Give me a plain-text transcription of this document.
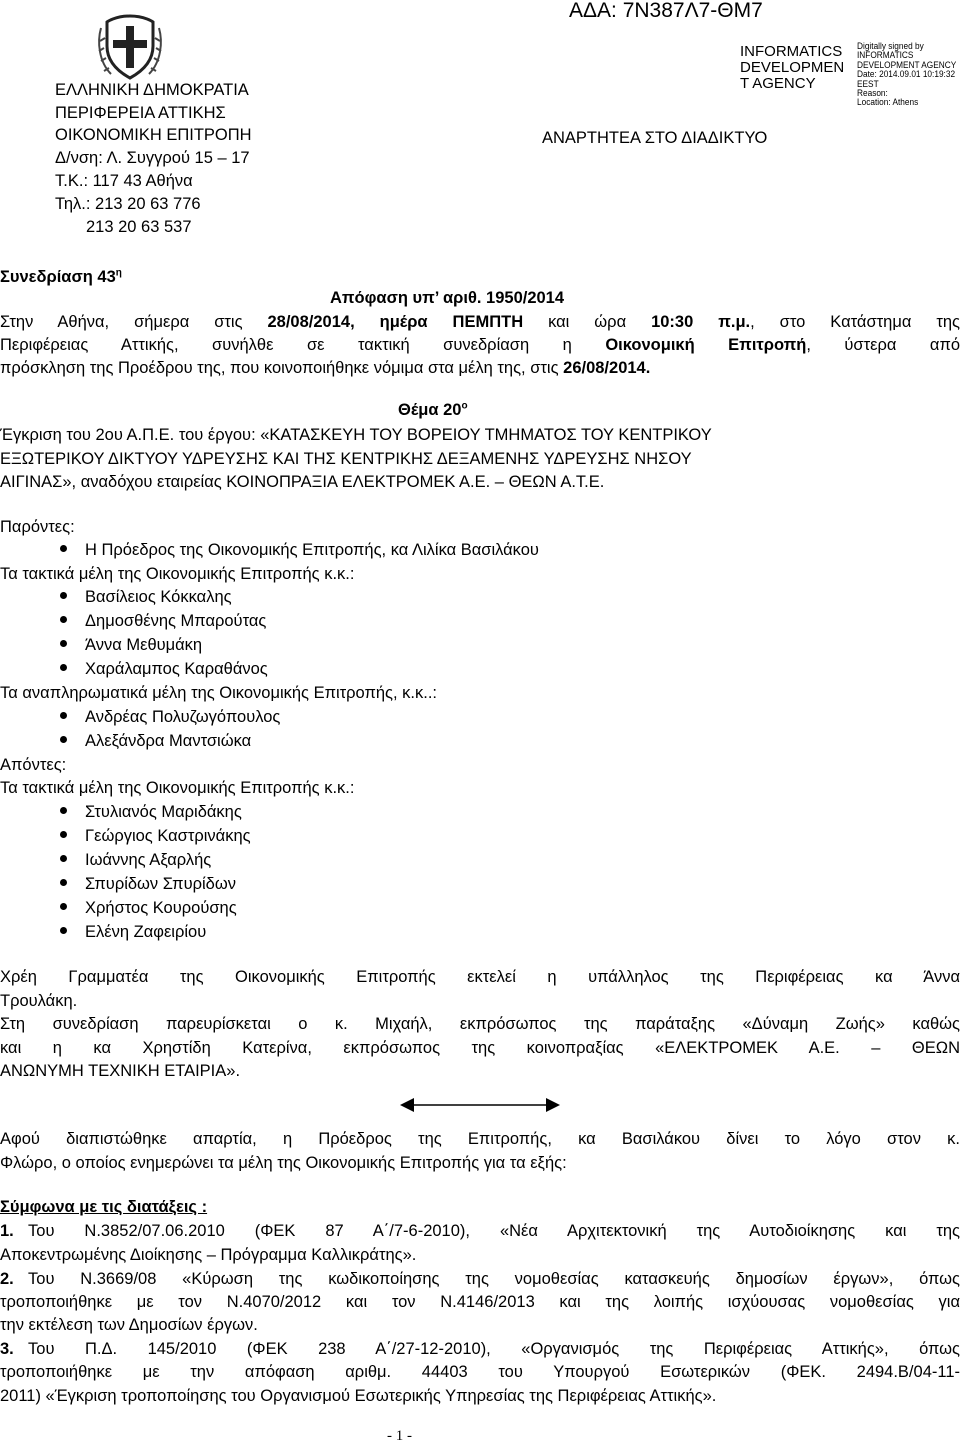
ΑΔΑ: 7Ν387Λ7-ΘΜ7
ΕΛΛΗΝΙΚΗ ΔΗΜΟΚΡΑΤΙΑ
ΠΕΡΙΦΕΡΕΙΑ ΑΤΤΙΚΗΣ
ΟΙΚΟΝΟΜΙΚΗ ΕΠΙΤΡΟΠΗ
Δ/νση: Λ. Συγγρού 15 – 17
Τ.Κ.: 117 43 Αθήνα
Τηλ.: 213 20 63 776
213 20 63 537
INFORMATICS
DEVELOPMEN
T AGENCY
Digitally signed by
INFORMATICS
DEVELOPMENT AGENCY
Date: 2014.09.01 10:19:32
EEST
Reason:
Location: Athens
ΑΝΑΡΤΗΤΕΑ ΣΤΟ ΔΙΑΔΙΚΤΥΟ
Συνεδρίαση $43^\eta$
Απόφαση υπ’ αριθ. 1950/2014
Στην Αθήνα, σήμερα στις 28/08/2014, ημέρα ΠΕΜΠΤΗ και ώρα 10:30 π.μ., στο Κατάστημα της
Περιφέρειας Αττικής, συνήλθε σε τακτική συνεδρίαση η Οικονομική Επιτροπή, ύστερα από
πρόσκληση της Προέδρου της, που κοινοποιήθηκε νόμιμα στα μέλη της, στις 26/08/2014.
Θέμα $20^o$
Έγκριση του 2ου Α.Π.Ε. του έργου: «ΚΑΤΑΣΚΕΥΗ ΤΟΥ ΒΟΡΕΙΟΥ ΤΜΗΜΑΤΟΣ ΤΟΥ ΚΕΝΤΡΙΚΟΥ
ΕΞΩΤΕΡΙΚΟΥ ΔΙΚΤΥΟΥ ΥΔΡΕΥΣΗΣ ΚΑΙ ΤΗΣ ΚΕΝΤΡΙΚΗΣ ΔΕΞΑΜΕΝΗΣ ΥΔΡΕΥΣΗΣ ΝΗΣΟΥ
ΑΙΓΙΝΑΣ», αναδόχου εταιρείας ΚΟΙΝΟΠΡΑΞΙΑ ΕΛΕΚΤΡΟΜΕΚ Α.Ε. – ΘΕΩΝ Α.Τ.Ε.
Παρόντες:
Η Πρόεδρος της Οικονομικής Επιτροπής, κα Λιλίκα Βασιλάκου
Τα τακτικά μέλη της Οικονομικής Επιτροπής κ.κ.:
Βασίλειος Κόκκαλης
Δημοσθένης Μπαρούτας
Άννα Μεθυμάκη
Χαράλαμπος Καραθάνος
Τα αναπληρωματικά μέλη της Οικονομικής Επιτροπής, κ.κ..:
Ανδρέας Πολυζωγόπουλος
Αλεξάνδρα Μαντσιώκα
Απόντες:
Τα τακτικά μέλη της Οικονομικής Επιτροπής κ.κ.:
Στυλιανός Μαριδάκης
Γεώργιος Καστρινάκης
Ιωάννης Αξαρλής
Σπυρίδων Σπυρίδων
Χρήστος Κουρούσης
Ελένη Ζαφειρίου
Χρέη Γραμματέα της Οικονομικής Επιτροπής εκτελεί η υπάλληλος της Περιφέρειας κα Άννα
Τρουλάκη.
Στη συνεδρίαση παρευρίσκεται ο κ. Μιχαήλ, εκπρόσωπος της παράταξης «Δύναμη Ζωής» καθώς
και η κα Χρηστίδη Κατερίνα, εκπρόσωπος της κοινοπραξίας «ΕΛΕΚΤΡΟΜΕΚ Α.Ε. – ΘΕΩΝ
ΑΝΩΝΥΜΗ ΤΕΧΝΙΚΗ ΕΤΑΙΡΙΑ».
Αφού διαπιστώθηκε απαρτία, η Πρόεδρος της Επιτροπής, κα Βασιλάκου δίνει το λόγο στον κ.
Φλώρο, ο οποίος ενημερώνει τα μέλη της Οικονομικής Επιτροπής για τα εξής:
Σύμφωνα με τις διατάξεις :
1. Του Ν.3852/07.06.2010 (ΦΕΚ 87 Α΄/7-6-2010), «Νέα Αρχιτεκτονική της Αυτοδιοίκησης και της
Αποκεντρωμένης Διοίκησης – Πρόγραμμα Καλλικράτης».
2. Του Ν.3669/08 «Κύρωση της κωδικοποίησης της νομοθεσίας κατασκευής δημοσίων έργων», όπως
τροποποιήθηκε με τον Ν.4070/2012 και τον Ν.4146/2013 και της λοιπής ισχύουσας νομοθεσίας για
την εκτέλεση των Δημοσίων έργων.
3. Του Π.Δ. 145/2010 (ΦΕΚ 238 Α΄/27-12-2010), «Οργανισμός της Περιφέρειας Αττικής», όπως
τροποποιήθηκε με την απόφαση αριθμ. 44403 του Υπουργού Εσωτερικών (ΦΕΚ. 2494.Β/04-11-
2011) «Έγκριση τροποποίησης του Οργανισμού Εσωτερικής Υπηρεσίας της Περιφέρειας Αττικής».
- 1 -
